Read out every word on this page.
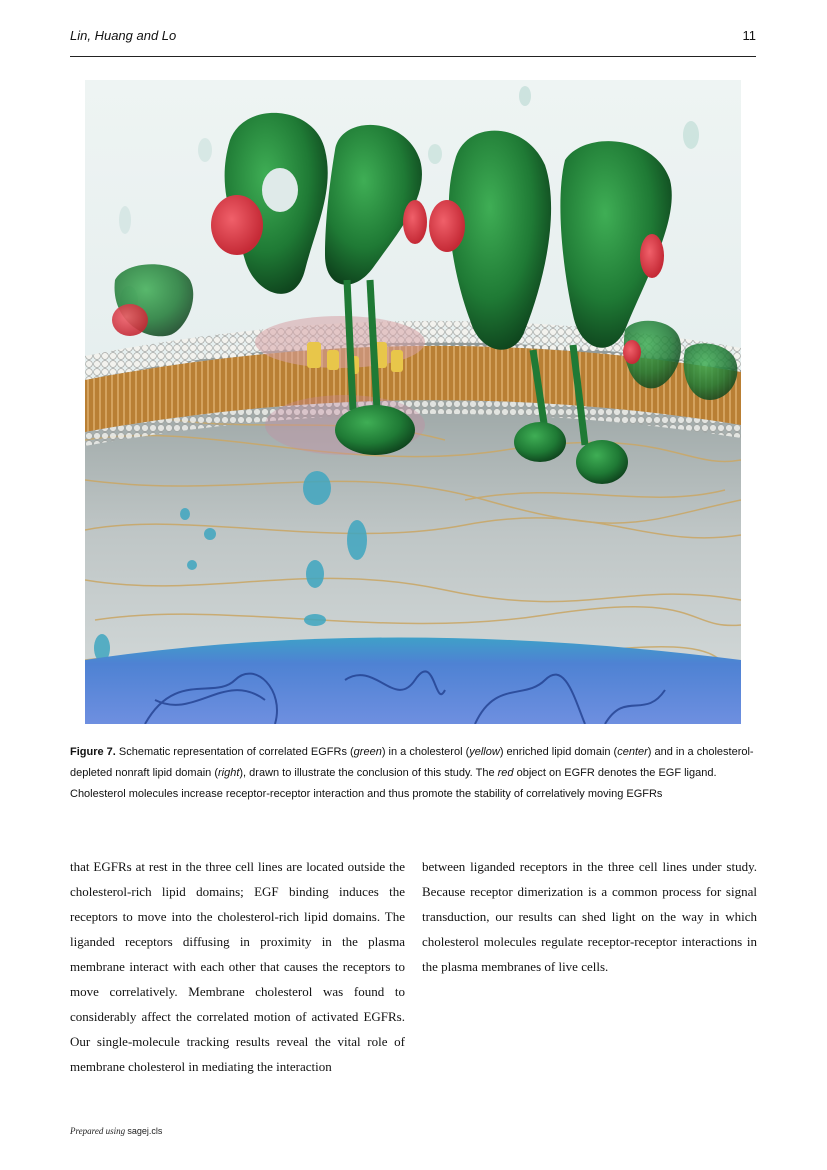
Lin, Huang and Lo	11
Figure 7. Schematic representation of correlated EGFRs (green) in a cholesterol (yellow) enriched lipid domain (center) and in a cholesterol-depleted nonraft lipid domain (right), drawn to illustrate the conclusion of this study. The red object on EGFR denotes the EGF ligand. Cholesterol molecules increase receptor-receptor interaction and thus promote the stability of correlatively moving EGFRs
that EGFRs at rest in the three cell lines are located outside the cholesterol-rich lipid domains; EGF binding induces the receptors to move into the cholesterol-rich lipid domains. The liganded receptors diffusing in proximity in the plasma membrane interact with each other that causes the receptors to move correlatively. Membrane cholesterol was found to considerably affect the correlated motion of activated EGFRs. Our single-molecule tracking results reveal the vital role of membrane cholesterol in mediating the interaction
between liganded receptors in the three cell lines under study. Because receptor dimerization is a common process for signal transduction, our results can shed light on the way in which cholesterol molecules regulate receptor-receptor interactions in the plasma membranes of live cells.
Prepared using sagej.cls
